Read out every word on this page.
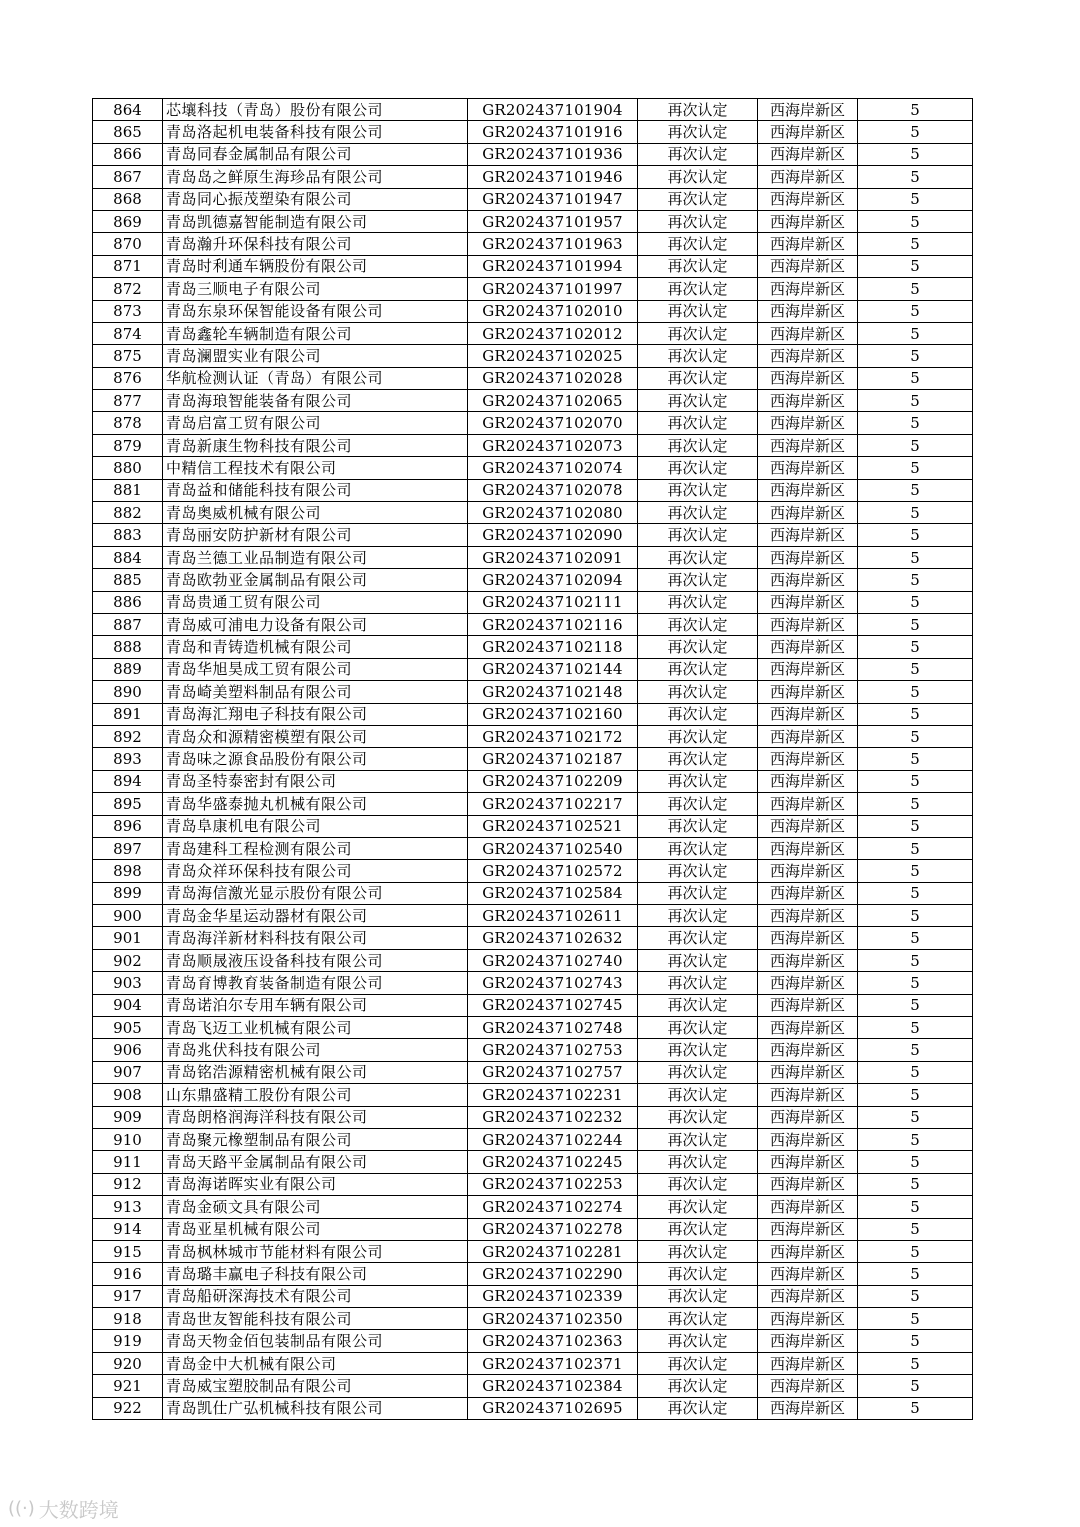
864	芯壤科技（青岛）股份有限公司	GR202437101904	再次认定	西海岸新区	5
865	青岛洛起机电装备科技有限公司	GR202437101916	再次认定	西海岸新区	5
866	青岛同春金属制品有限公司	GR202437101936	再次认定	西海岸新区	5
867	青岛岛之鲜原生海珍品有限公司	GR202437101946	再次认定	西海岸新区	5
868	青岛同心振茂塑染有限公司	GR202437101947	再次认定	西海岸新区	5
869	青岛凯德嘉智能制造有限公司	GR202437101957	再次认定	西海岸新区	5
870	青岛瀚升环保科技有限公司	GR202437101963	再次认定	西海岸新区	5
871	青岛时利通车辆股份有限公司	GR202437101994	再次认定	西海岸新区	5
872	青岛三顺电子有限公司	GR202437101997	再次认定	西海岸新区	5
873	青岛东泉环保智能设备有限公司	GR202437102010	再次认定	西海岸新区	5
874	青岛鑫轮车辆制造有限公司	GR202437102012	再次认定	西海岸新区	5
875	青岛澜盟实业有限公司	GR202437102025	再次认定	西海岸新区	5
876	华航检测认证（青岛）有限公司	GR202437102028	再次认定	西海岸新区	5
877	青岛海琅智能装备有限公司	GR202437102065	再次认定	西海岸新区	5
878	青岛启富工贸有限公司	GR202437102070	再次认定	西海岸新区	5
879	青岛新康生物科技有限公司	GR202437102073	再次认定	西海岸新区	5
880	中精信工程技术有限公司	GR202437102074	再次认定	西海岸新区	5
881	青岛益和储能科技有限公司	GR202437102078	再次认定	西海岸新区	5
882	青岛奥威机械有限公司	GR202437102080	再次认定	西海岸新区	5
883	青岛丽安防护新材有限公司	GR202437102090	再次认定	西海岸新区	5
884	青岛兰德工业品制造有限公司	GR202437102091	再次认定	西海岸新区	5
885	青岛欧勃亚金属制品有限公司	GR202437102094	再次认定	西海岸新区	5
886	青岛贵通工贸有限公司	GR202437102111	再次认定	西海岸新区	5
887	青岛威可浦电力设备有限公司	GR202437102116	再次认定	西海岸新区	5
888	青岛和青铸造机械有限公司	GR202437102118	再次认定	西海岸新区	5
889	青岛华旭昊成工贸有限公司	GR202437102144	再次认定	西海岸新区	5
890	青岛崎美塑料制品有限公司	GR202437102148	再次认定	西海岸新区	5
891	青岛海汇翔电子科技有限公司	GR202437102160	再次认定	西海岸新区	5
892	青岛众和源精密模塑有限公司	GR202437102172	再次认定	西海岸新区	5
893	青岛味之源食品股份有限公司	GR202437102187	再次认定	西海岸新区	5
894	青岛圣特泰密封有限公司	GR202437102209	再次认定	西海岸新区	5
895	青岛华盛泰抛丸机械有限公司	GR202437102217	再次认定	西海岸新区	5
896	青岛阜康机电有限公司	GR202437102521	再次认定	西海岸新区	5
897	青岛建科工程检测有限公司	GR202437102540	再次认定	西海岸新区	5
898	青岛众祥环保科技有限公司	GR202437102572	再次认定	西海岸新区	5
899	青岛海信激光显示股份有限公司	GR202437102584	再次认定	西海岸新区	5
900	青岛金华星运动器材有限公司	GR202437102611	再次认定	西海岸新区	5
901	青岛海洋新材料科技有限公司	GR202437102632	再次认定	西海岸新区	5
902	青岛顺晟液压设备科技有限公司	GR202437102740	再次认定	西海岸新区	5
903	青岛育博教育装备制造有限公司	GR202437102743	再次认定	西海岸新区	5
904	青岛诺泊尔专用车辆有限公司	GR202437102745	再次认定	西海岸新区	5
905	青岛飞迈工业机械有限公司	GR202437102748	再次认定	西海岸新区	5
906	青岛兆伏科技有限公司	GR202437102753	再次认定	西海岸新区	5
907	青岛铭浩源精密机械有限公司	GR202437102757	再次认定	西海岸新区	5
908	山东鼎盛精工股份有限公司	GR202437102231	再次认定	西海岸新区	5
909	青岛朗格润海洋科技有限公司	GR202437102232	再次认定	西海岸新区	5
910	青岛聚元橡塑制品有限公司	GR202437102244	再次认定	西海岸新区	5
911	青岛天路平金属制品有限公司	GR202437102245	再次认定	西海岸新区	5
912	青岛海诺晖实业有限公司	GR202437102253	再次认定	西海岸新区	5
913	青岛金硕文具有限公司	GR202437102274	再次认定	西海岸新区	5
914	青岛亚星机械有限公司	GR202437102278	再次认定	西海岸新区	5
915	青岛枫林城市节能材料有限公司	GR202437102281	再次认定	西海岸新区	5
916	青岛璐丰赢电子科技有限公司	GR202437102290	再次认定	西海岸新区	5
917	青岛船研深海技术有限公司	GR202437102339	再次认定	西海岸新区	5
918	青岛世友智能科技有限公司	GR202437102350	再次认定	西海岸新区	5
919	青岛天物金佰包装制品有限公司	GR202437102363	再次认定	西海岸新区	5
920	青岛金中大机械有限公司	GR202437102371	再次认定	西海岸新区	5
921	青岛威宝塑胶制品有限公司	GR202437102384	再次认定	西海岸新区	5
922	青岛凯仕广弘机械科技有限公司	GR202437102695	再次认定	西海岸新区	5
((·) 大数跨境
